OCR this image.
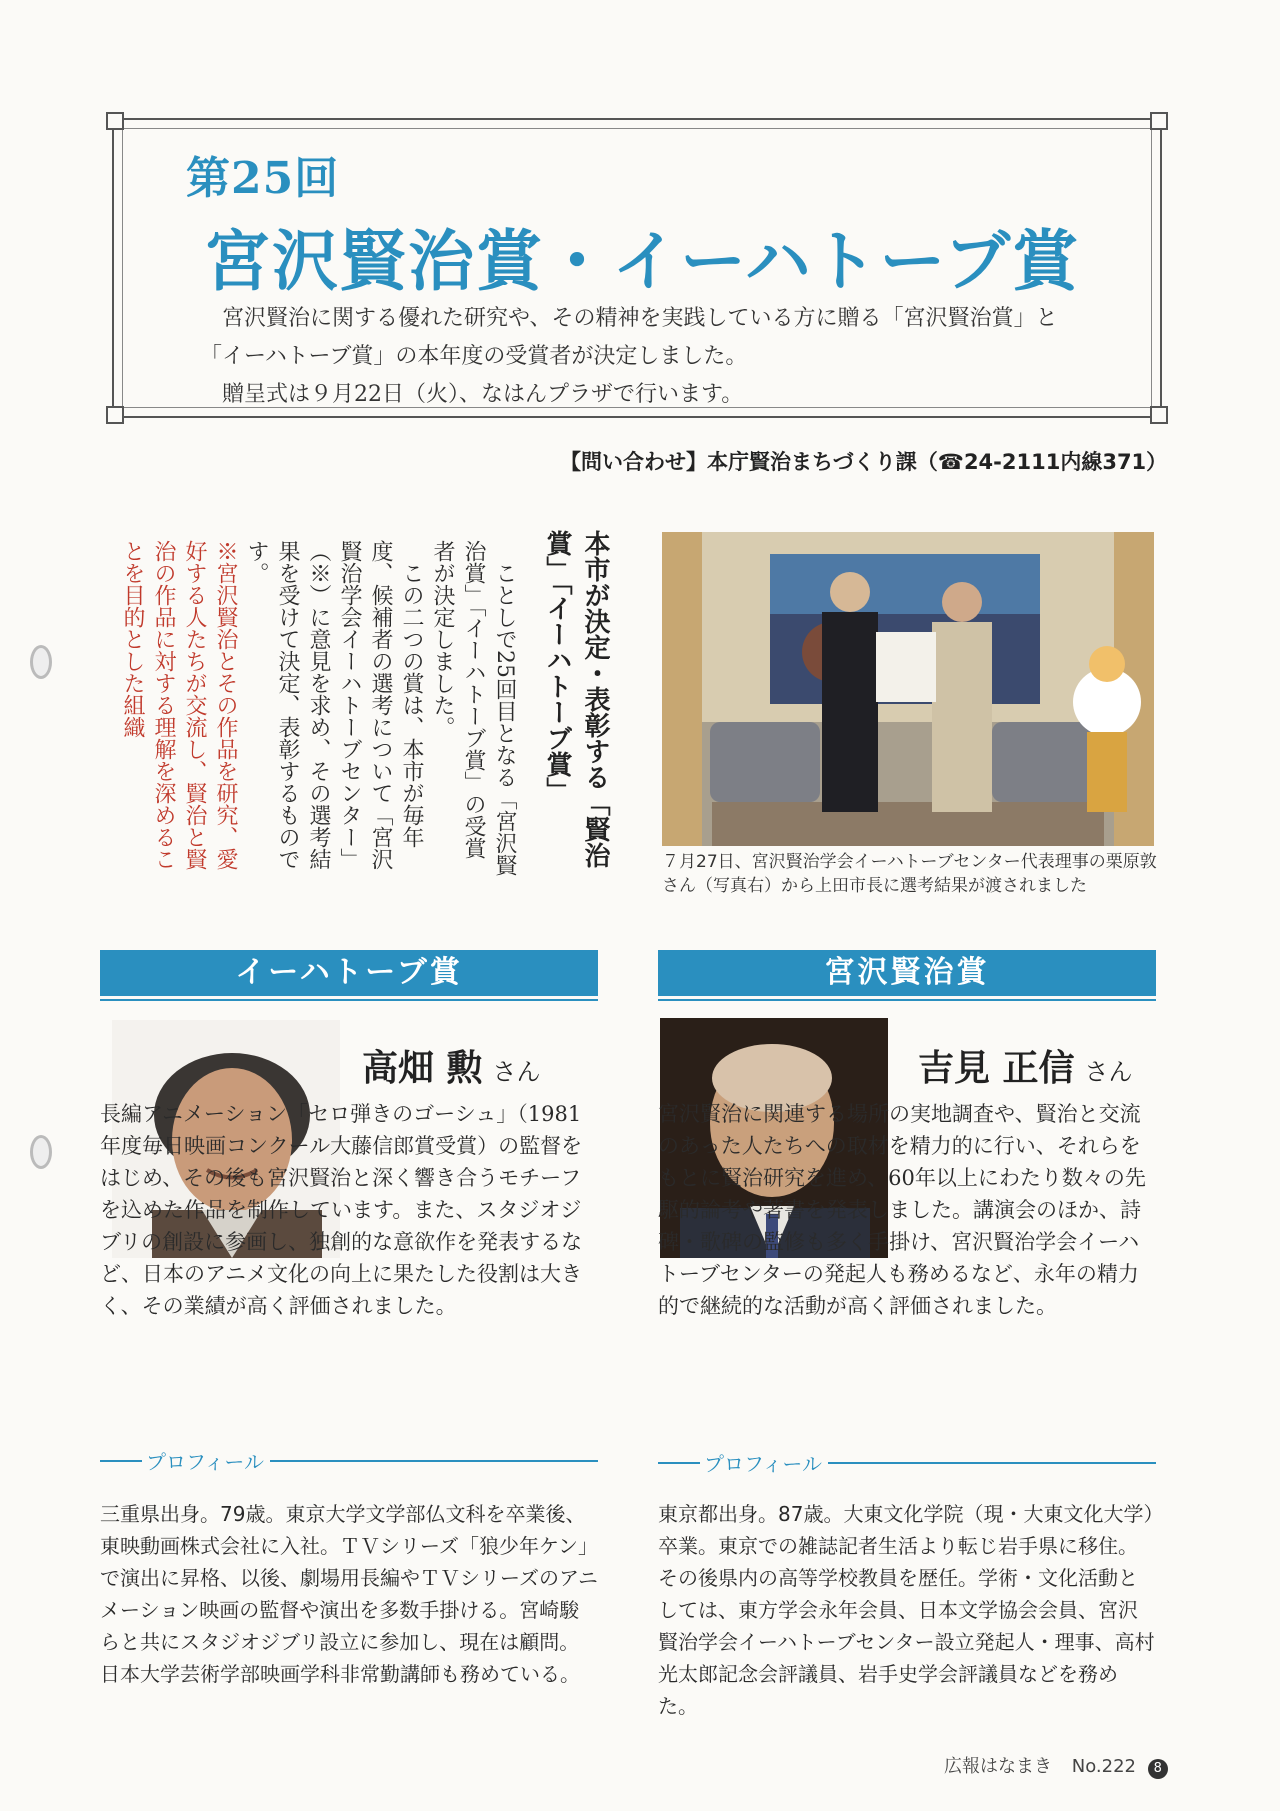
第25回
宮沢賢治賞・イーハトーブ賞

宮沢賢治に関する優れた研究や、その精神を実践している方に贈る「宮沢賢治賞」と「イーハトーブ賞」の本年度の受賞者が決定しました。

贈呈式は９月22日（火）、なはんプラザで行います。

【問い合わせ】本庁賢治まちづくり課（☎24-2111内線371）
本市が決定・表彰する「賢治賞」「イーハトーブ賞」

ことしで25回目となる「宮沢賢治賞」「イーハトーブ賞」の受賞者が決定しました。

この二つの賞は、本市が毎年度、候補者の選考について「宮沢賢治学会イーハトーブセンター」（※）に意見を求め、その選考結果を受けて決定、表彰するものです。

※宮沢賢治とその作品を研究、愛好する人たちが交流し、賢治と賢治の作品に対する理解を深めることを目的とした組織

７月27日、宮沢賢治学会イーハトーブセンター代表理事の栗原敦さん（写真右）から上田市長に選考結果が渡されました
イーハトーブ賞
高畑 勲 さん
長編アニメーション「セロ弾きのゴーシュ」（1981年度毎日映画コンクール大藤信郎賞受賞）の監督をはじめ、その後も宮沢賢治と深く響き合うモチーフを込めた作品を制作しています。また、スタジオジブリの創設に参画し、独創的な意欲作を発表するなど、日本のアニメ文化の向上に果たした役割は大きく、その業績が高く評価されました。
プロフィール
三重県出身。79歳。東京大学文学部仏文科を卒業後、東映動画株式会社に入社。ＴＶシリーズ「狼少年ケン」で演出に昇格、以後、劇場用長編やＴＶシリーズのアニメーション映画の監督や演出を多数手掛ける。宮崎駿らと共にスタジオジブリ設立に参加し、現在は顧問。日本大学芸術学部映画学科非常勤講師も務めている。
宮沢賢治賞
吉見 正信 さん
宮沢賢治に関連する場所の実地調査や、賢治と交流のあった人たちへの取材を精力的に行い、それらをもとに賢治研究を進め、60年以上にわたり数々の先駆的論考や著書を発表しました。講演会のほか、詩碑・歌碑の監修も多く手掛け、宮沢賢治学会イーハトーブセンターの発起人も務めるなど、永年の精力的で継続的な活動が高く評価されました。
プロフィール
東京都出身。87歳。大東文化学院（現・大東文化大学）卒業。東京での雑誌記者生活より転じ岩手県に移住。その後県内の高等学校教員を歴任。学術・文化活動としては、東方学会永年会員、日本文学協会会員、宮沢賢治学会イーハトーブセンター設立発起人・理事、高村光太郎記念会評議員、岩手史学会評議員などを務めた。
広報はなまき No.222 8
